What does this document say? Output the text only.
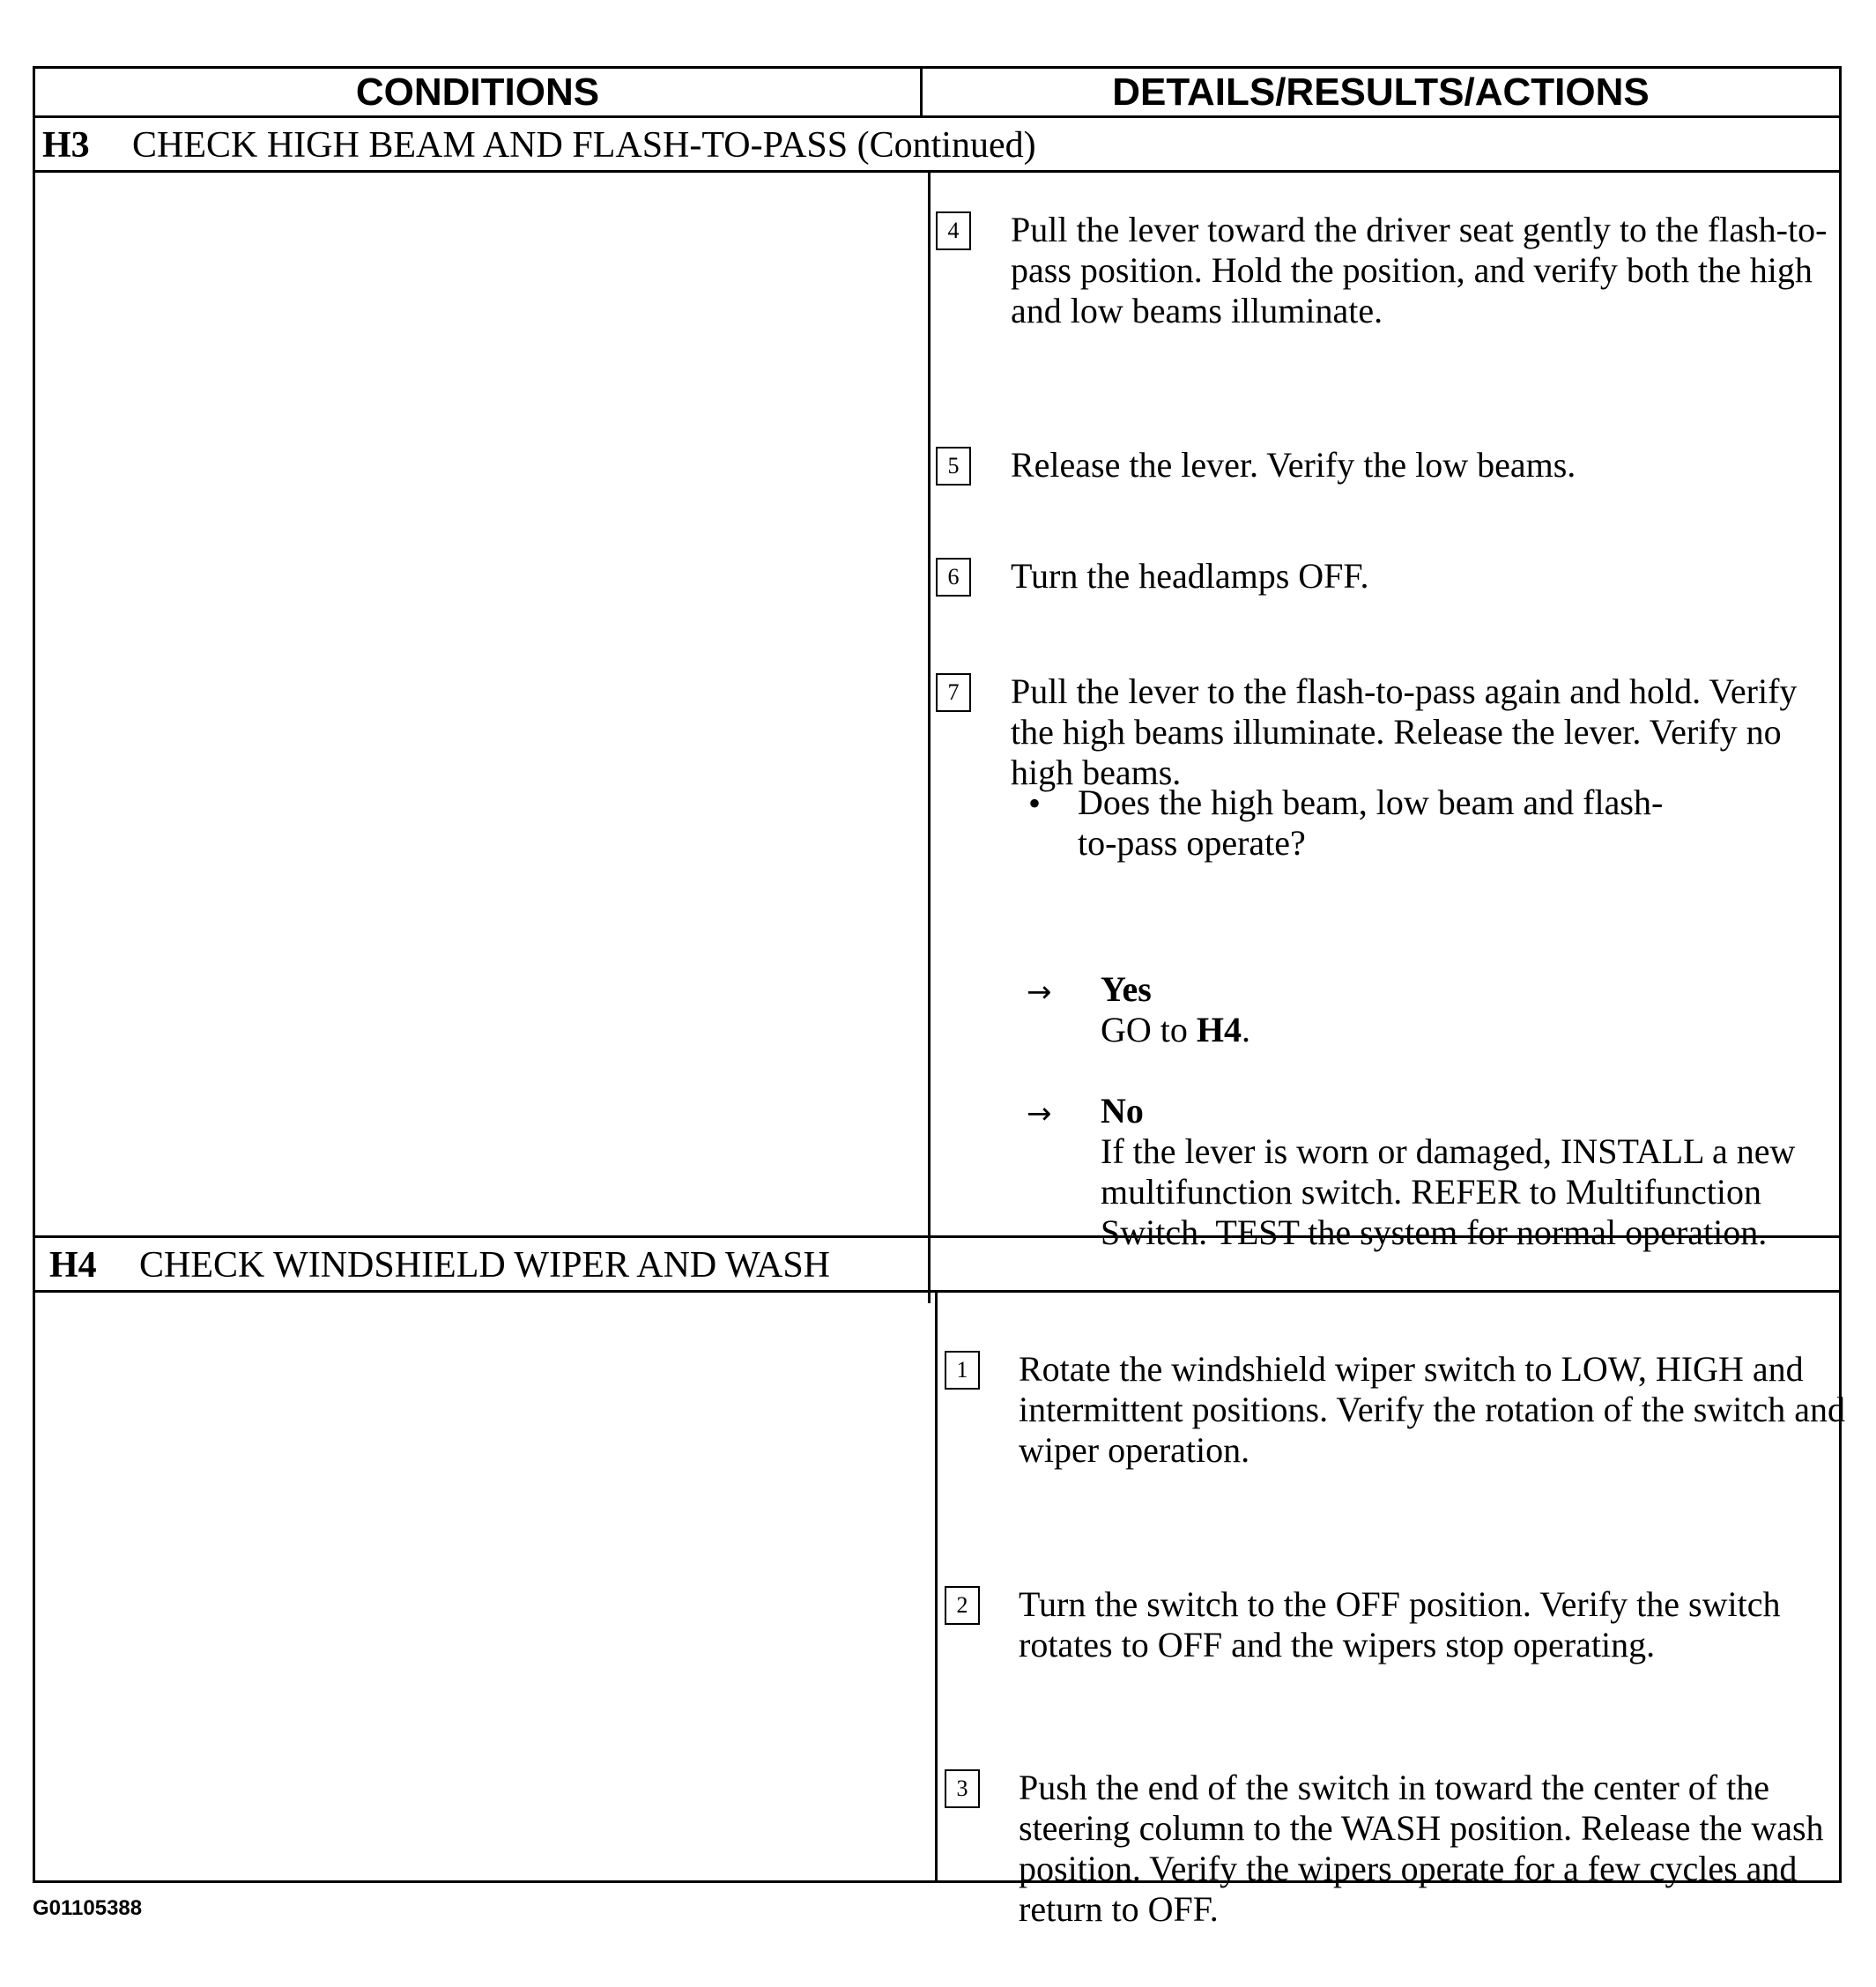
CONDITIONS	DETAILS/RESULTS/ACTIONS
H3 CHECK HIGH BEAM AND FLASH-TO-PASS (Continued)
4	Pull the lever toward the driver seat gently to the flash-to-pass position. Hold the position, and verify both the high and low beams illuminate.
5	Release the lever. Verify the low beams.
6	Turn the headlamps OFF.
7	Pull the lever to the flash-to-pass again and hold. Verify the high beams illuminate. Release the lever. Verify no high beams.
• Does the high beam, low beam and flash-to-pass operate?
→ Yes
GO to H4.
→ No
If the lever is worn or damaged, INSTALL a new multifunction switch. REFER to Multifunction Switch. TEST the system for normal operation.
H4 CHECK WINDSHIELD WIPER AND WASH
1	Rotate the windshield wiper switch to LOW, HIGH and intermittent positions. Verify the rotation of the switch and wiper operation.
2	Turn the switch to the OFF position. Verify the switch rotates to OFF and the wipers stop operating.
3	Push the end of the switch in toward the center of the steering column to the WASH position. Release the wash position. Verify the wipers operate for a few cycles and return to OFF.
G01105388
